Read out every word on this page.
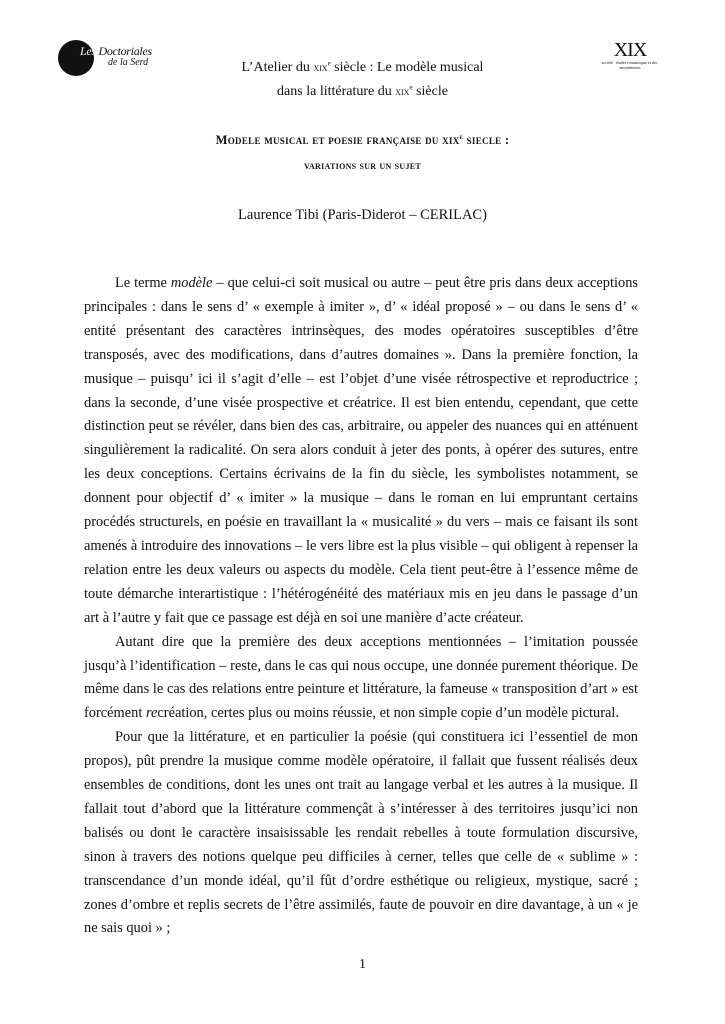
Les Doctoriales
de la Serd
XIX
société · études romantiques et dix-neuviémistes
L’Atelier du xix$^e$ siècle : Le modèle musical
dans la littérature du xix$^e$ siècle
Modele musical et poesie française du xix$^e$ siecle :
variations sur un sujet
Laurence Tibi (Paris-Diderot – CERILAC)

Le terme modèle – que celui-ci soit musical ou autre – peut être pris dans deux acceptions principales : dans le sens d’ « exemple à imiter », d’ « idéal proposé » – ou dans le sens d’ « entité présentant des caractères intrinsèques, des modes opératoires susceptibles d’être transposés, avec des modifications, dans d’autres domaines ». Dans la première fonction, la musique – puisqu’ ici il s’agit d’elle – est l’objet d’une visée rétrospective et reproductrice ; dans la seconde, d’une visée prospective et créatrice. Il est bien entendu, cependant, que cette distinction peut se révéler, dans bien des cas, arbitraire, ou appeler des nuances qui en atténuent singulièrement la radicalité. On sera alors conduit à jeter des ponts, à opérer des sutures, entre les deux conceptions. Certains écrivains de la fin du siècle, les symbolistes notamment, se donnent pour objectif d’ « imiter » la musique – dans le roman en lui empruntant certains procédés structurels, en poésie en travaillant la « musicalité » du vers – mais ce faisant ils sont amenés à introduire des innovations – le vers libre est la plus visible – qui obligent à repenser la relation entre les deux valeurs ou aspects du modèle. Cela tient peut-être à l’essence même de toute démarche interartistique : l’hétérogénéité des matériaux mis en jeu dans le passage d’un art à l’autre y fait que ce passage est déjà en soi une manière d’acte créateur.

Autant dire que la première des deux acceptions mentionnées – l’imitation poussée jusqu’à l’identification – reste, dans le cas qui nous occupe, une donnée purement théorique. De même dans le cas des relations entre peinture et littérature, la fameuse « transposition d’art » est forcément recréation, certes plus ou moins réussie, et non simple copie d’un modèle pictural.

Pour que la littérature, et en particulier la poésie (qui constituera ici l’essentiel de mon propos), pût prendre la musique comme modèle opératoire, il fallait que fussent réalisés deux ensembles de conditions, dont les unes ont trait au langage verbal et les autres à la musique. Il fallait tout d’abord que la littérature commençât à s’intéresser à des territoires jusqu’ici non balisés ou dont le caractère insaisissable les rendait rebelles à toute formulation discursive, sinon à travers des notions quelque peu difficiles à cerner, telles que celle de « sublime » : transcendance d’un monde idéal, qu’il fût d’ordre esthétique ou religieux, mystique, sacré ; zones d’ombre et replis secrets de l’être assimilés, faute de pouvoir en dire davantage, à un « je ne sais quoi » ;

1
